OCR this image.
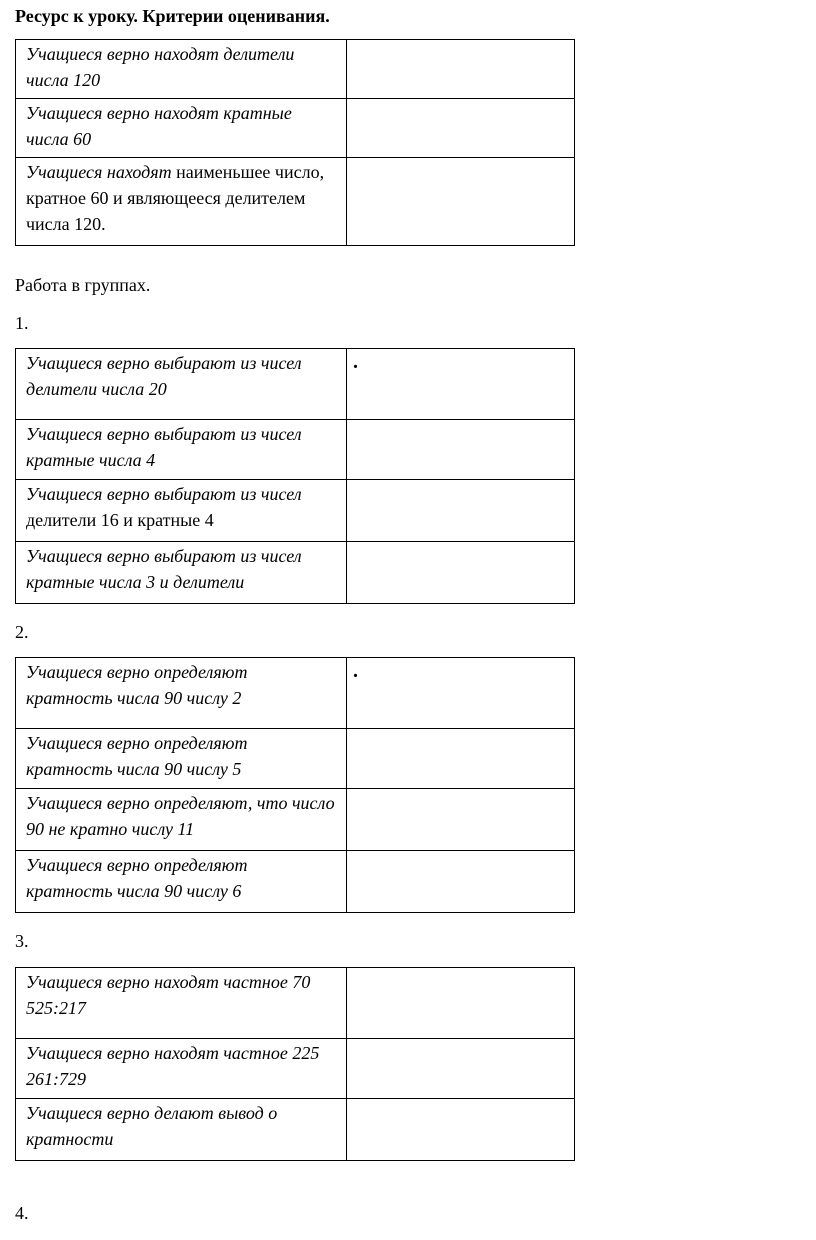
Ресурс к уроку. Критерии оценивания.
Учащиеся верно находят делители числа 120	

Учащиеся верно находят кратные числа 60	

Учащиеся находят наименьшее число, кратное 60 и являющееся делителем числа 120.	

Работа в группах.
1.
Учащиеся верно выбирают из чисел делители числа 20	.

Учащиеся верно выбирают из чисел кратные числа 4	

Учащиеся верно выбирают из чисел делители 16 и кратные 4	

Учащиеся верно выбирают из чисел кратные числа 3 и делители	

2.
Учащиеся верно определяют кратность числа 90 числу 2	.

Учащиеся верно определяют кратность числа 90 числу 5	

Учащиеся верно определяют, что число 90 не кратно числу 11	

Учащиеся верно определяют кратность числа 90 числу 6	

3.
Учащиеся верно находят частное 70 525:217	

Учащиеся верно находят частное 225 261:729	

Учащиеся верно делают вывод о кратности	

4.
